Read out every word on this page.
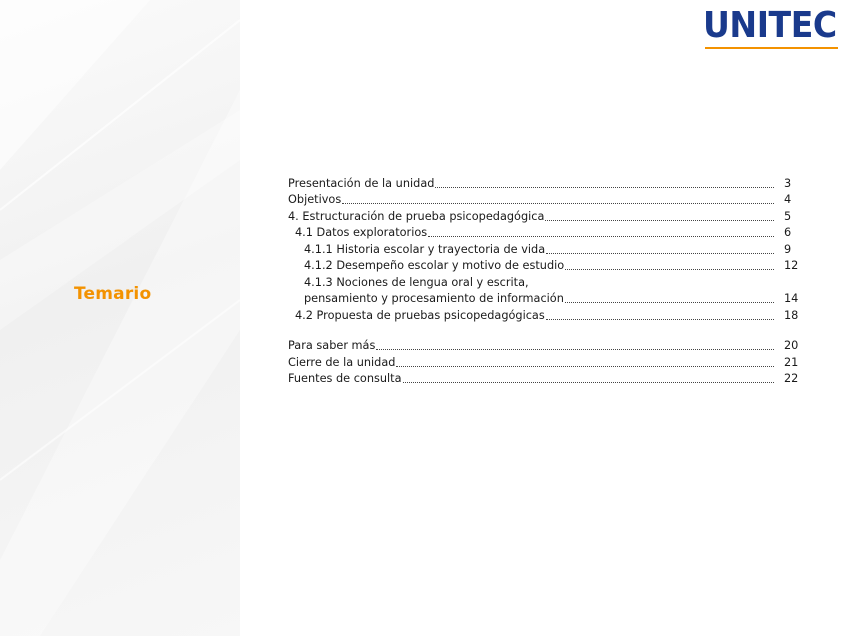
Temario
UNITEC
Presentación de la unidad	3
Objetivos	4
4. Estructuración de prueba psicopedagógica	5
4.1 Datos exploratorios	6
4.1.1 Historia escolar y trayectoria de vida	9
4.1.2 Desempeño escolar y motivo de estudio	12
4.1.3 Nociones de lengua oral y escrita,
pensamiento y procesamiento de información	14
4.2 Propuesta de pruebas psicopedagógicas	18
Para saber más	20
Cierre de la unidad	21
Fuentes de consulta	22
